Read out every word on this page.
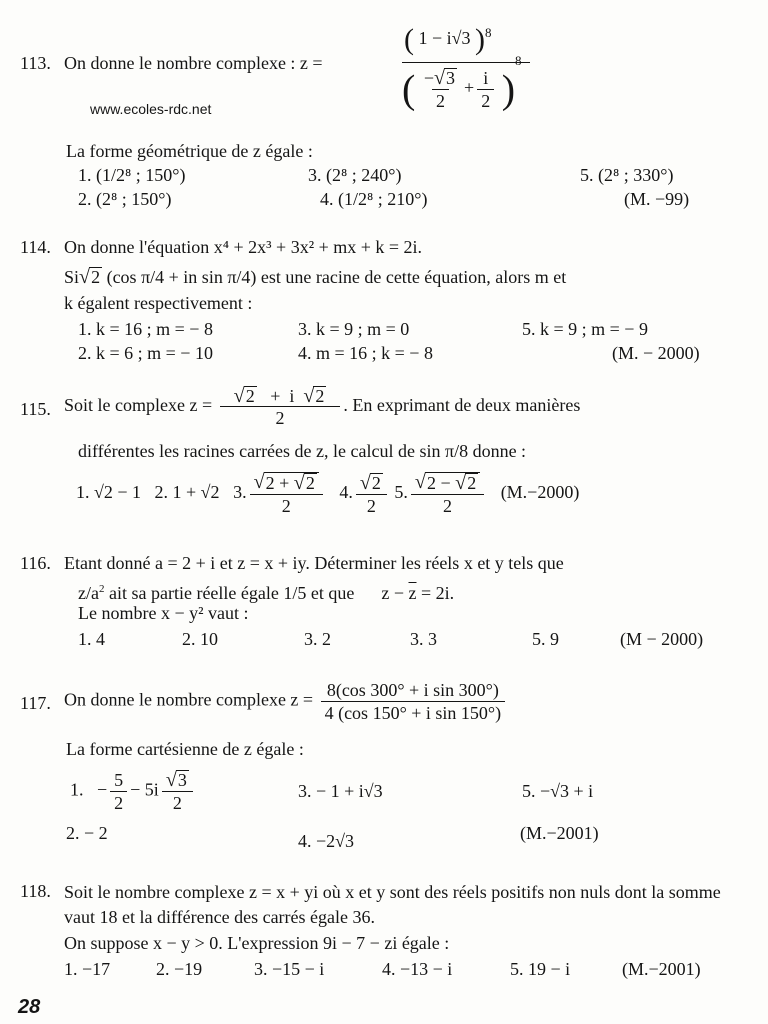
113. On donne le nombre complexe : z =
( 1 − i√3 )$^8$
( $\frac{- √ 3}{2} + \frac{i}{2} )^8$
www.ecoles-rdc.net
La forme géométrique de z égale :
1. (1/2⁸ ; 150°)	3. (2⁸ ; 240°)	5. (2⁸ ; 330°)
2. (2⁸ ; 150°)	4. (1/2⁸ ; 210°)	(M. −99)
114. On donne l'équation x⁴ + 2x³ + 3x² + mx + k = 2i.
Si √ 2 (cos π/4 + in sin π/4) est une racine de cette équation, alors m et
k égalent respectivement :
1. k = 16 ; m = − 8	3. k = 9 ; m = 0	5. k = 9 ; m = − 9
2. k = 6 ; m = − 10	4. m = 16 ; k = − 8	(M. − 2000)
115. Soit le complexe $z = \frac{√ 2 + i √ 2}{2}$ . En exprimant de deux manières
différentes les racines carrées de z, le calcul de sin π/8 donne :
1. √2 − 1 2. 1 + √2 3. $\frac{√ 2 + √ 2}{2} 4$. $\frac{√ 2}{2} 5$. $\frac{√ 2 - √ 2}{2} (M.-2000)$
116. Etant donné a = 2 + i et z = x + iy. Déterminer les réels x et y tels que
$z/a^2$ ait sa partie réelle égale 1/5 et que      $z - \overline{z} = 2i$.
Le nombre x − y² vaut :
1. 4	2. 10	3. 2	3. 3	5. 9	(M − 2000)
117. On donne le nombre complexe $z = \frac{\text{8(cos 300° + i sin 300°)}}{\text{4 (cos 150° + i sin 150°)}}$
La forme cartésienne de z égale :
1.   − $\frac{5}{2} - 5i \frac{√ 3}{2}$	3. − 1 + i√3	5. −√3 + i
2. − 2	4. −2√3	(M.−2001)
118. Soit le nombre complexe z = x + yi où x et y sont des réels positifs non nuls dont la somme vaut 18 et la différence des carrés égale 36.
On suppose x − y > 0. L'expression 9i − 7 − zi égale :
1. −17	2. −19	3. −15 − i	4. −13 − i	5. 19 − i	(M.−2001)
28
